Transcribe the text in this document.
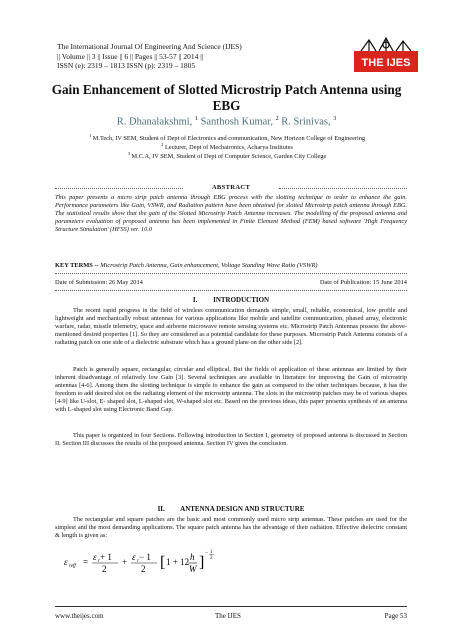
The International Journal Of Engineering And Science (IJES)
|| Volume || 3 || Issue || 6 || Pages || 53-57 || 2014 ||
ISSN (e): 2319 – 1813 ISSN (p): 2319 – 1805	THE IJES
Gain Enhancement of Slotted Microstrip Patch Antenna using
EBG
R. Dhanalakshmi, $^1$ Santhosh Kumar, $^2$ R. Srinivas, $^3$
$^1$ M.Tech, IV SEM, Student of Dept of Electronics and communication, New Horizon College of Engineering
$^2$ Lecturer, Dept of Mechatronics, Acharya Institutes
$^3$ M.C.A, IV SEM, Student of Dept of Computer Science, Garden City College
ABSTRACT
This paper presents a micro strip patch antenna through EBG process with the slotting technique in order to enhance the gain. Performance parameters like Gain, VSWR, and Radiation pattern have been obtained for slotted Microstrip patch antenna through EBG. The statistical results show that the gain of the Slotted Microstrip Patch Antenna increases. The modelling of the proposed antenna and parameters evaluation of proposed antenna has been implemented in Finite Element Method (FEM) based software 'High Frequency Structure Simulation' (HFSS) ver. 10.0
KEY TERMS -- Microstrip Patch Antenna, Gain enhancement, Voltage Standing Wave Ratio (VSWR)
Date of Submission: 26 May 2014	Date of Publication: 15 June 2014
I. INTRODUCTION
The recent rapid progress in the field of wireless communication demands simple, small, reliable, economical, low profile and lightweight and mechanically robust antennas for various applications like mobile and satellite communication, phased array, electronic warfare, radar, missile telemetry, space and airborne microwave remote sensing systems etc. Microstrip Patch Antennas possess the above-mentioned desired properties [1]. So they are considered as a potential candidate for these purposes. Microstrip Patch Antenna consists of a radiating patch on one side of a dielectric substrate which has a ground plane on the other side [2].
Patch is generally square, rectangular, circular and elliptical. But the fields of application of these antennas are limited by their inherent disadvantage of relatively low Gain [3]. Several techniques are available in literature for improving the Gain of microstrip antennas [4-6]. Among them the slotting technique is simple to enhance the gain as compared to the other techniques because, it has the freedom to add desired slot on the radiating element of the microstrip antenna. The slots in the microstrip patches may be of various shapes [4-9] like U-slot, E- shaped slot, L-shaped slot, W-shaped slot etc. Based on the previous ideas, this paper presents synthesis of an antenna with L-shaped slot using Electronic Band Gap.
This paper is organized in four Sections. Following introduction in Section I, geometry of proposed antenna is discussed in Section II. Section III discusses the results of the proposed antenna. Section IV gives the conclusion.
II. ANTENNA DESIGN AND STRUCTURE
The rectangular and square patches are the basic and most commonly used micro strip antennas. These patches are used for the simplest and the most demanding applications. The square patch antenna has the advantage of their radiation. Effective dielectric constant & length is given as:
ε reff = ε r + 1
2
+ ε r − 1
2 [ 1 + 12 h
W ]
− 1
2
www.theijes.com	The IJES	Page 53
